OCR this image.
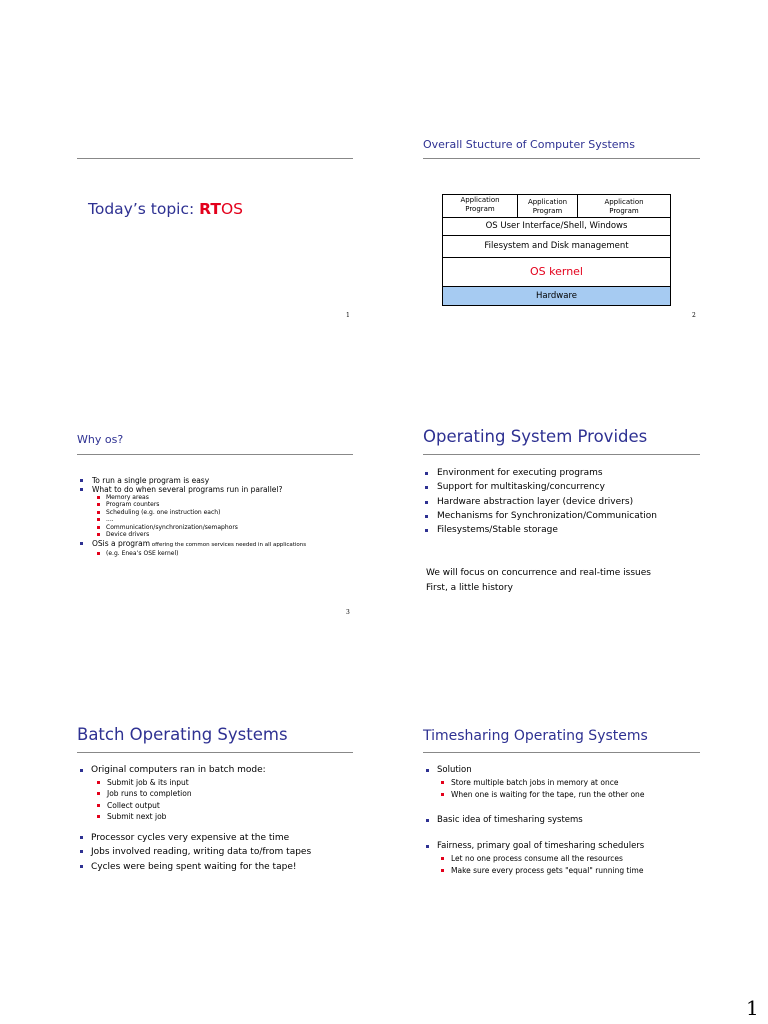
Today’s topic: RTOS
1
Overall Stucture of Computer Systems
Application
Program
Application
Program
Application
Program
OS User Interface/Shell, Windows
Filesystem and Disk management
OS kernel
Hardware
2
Why os?
To run a single program is easy
What to do when several programs run in parallel?
Memory areas
Program counters
Scheduling (e.g. one instruction each)
....
Communication/synchronization/semaphors
Device drivers
OSis a program offering the common services needed in all applications
(e.g. Enea’s OSE kernel)
3
Operating System Provides
Environment for executing programs
Support for multitasking/concurrency
Hardware abstraction layer (device drivers)
Mechanisms for Synchronization/Communication
Filesystems/Stable storage
We will focus on concurrence and real-time issues
First, a little history
Batch Operating Systems
Original computers ran in batch mode:
Submit job & its input
Job runs to completion
Collect output
Submit next job
Processor cycles very expensive at the time
Jobs involved reading, writing data to/from tapes
Cycles were being spent waiting for the tape!
Timesharing Operating Systems
Solution
Store multiple batch jobs in memory at once
When one is waiting for the tape, run the other one
Basic idea of timesharing systems
Fairness, primary goal of timesharing schedulers
Let no one process consume all the resources
Make sure every process gets "equal" running time
1
